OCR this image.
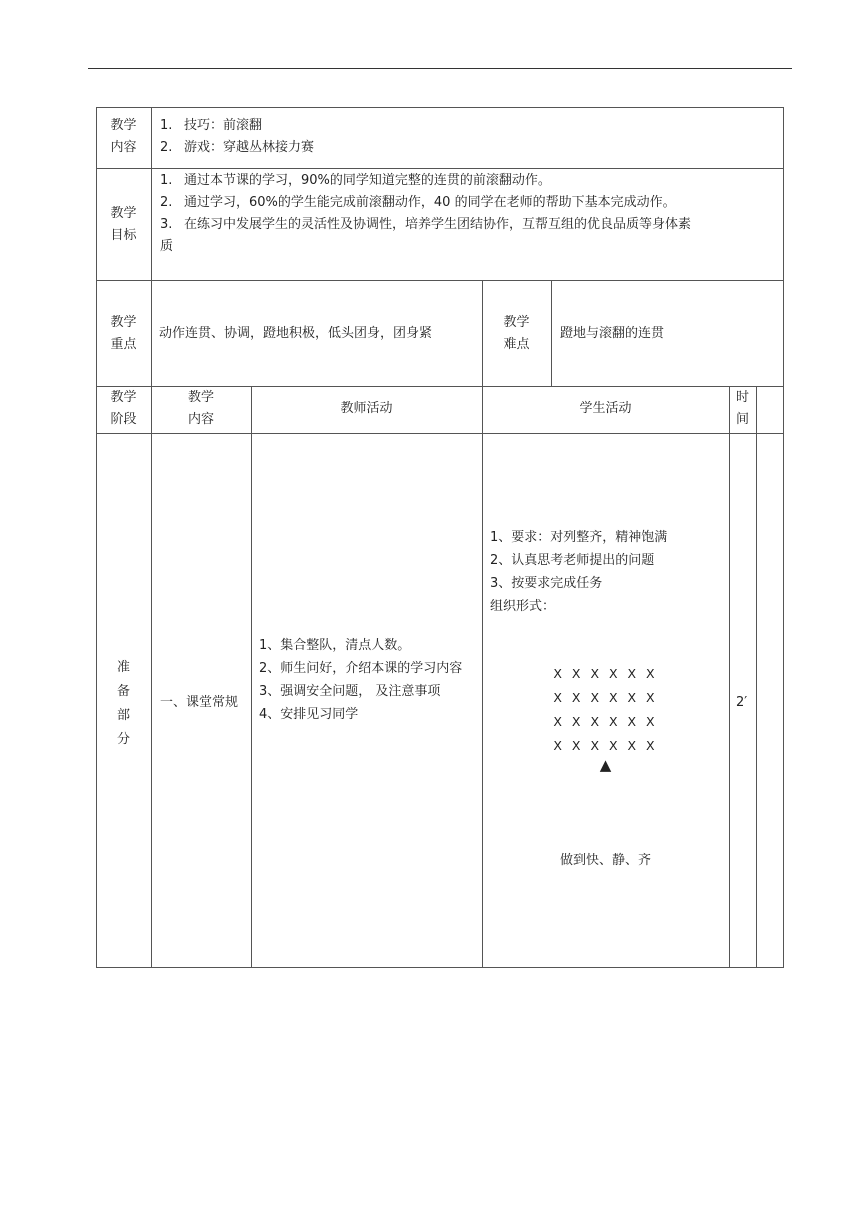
教学
内容
1. 技巧：前滚翻
2. 游戏：穿越丛林接力赛
教学
目标
1. 通过本节课的学习，90%的同学知道完整的连贯的前滚翻动作。
2. 通过学习，60%的学生能完成前滚翻动作，40 的同学在老师的帮助下基本完成动作。
3. 在练习中发展学生的灵活性及协调性，培养学生团结协作，互帮互组的优良品质等身体素
质
教学
重点
动作连贯、协调，蹬地积极，低头团身，团身紧
教学
难点
蹬地与滚翻的连贯
教学
阶段
教学
内容
教师活动	学生活动
时
间
准
备
部
分
一、课堂常规
1、集合整队，清点人数。
2、师生问好，介绍本课的学习内容
3、强调安全问题， 及注意事项
4、安排见习同学
1、要求：对列整齐，精神饱满
2、认真思考老师提出的问题
3、按要求完成任务
组织形式：
X X X X X X
X X X X X X
X X X X X X
X X X X X X
▲
做到快、静、齐
2′
